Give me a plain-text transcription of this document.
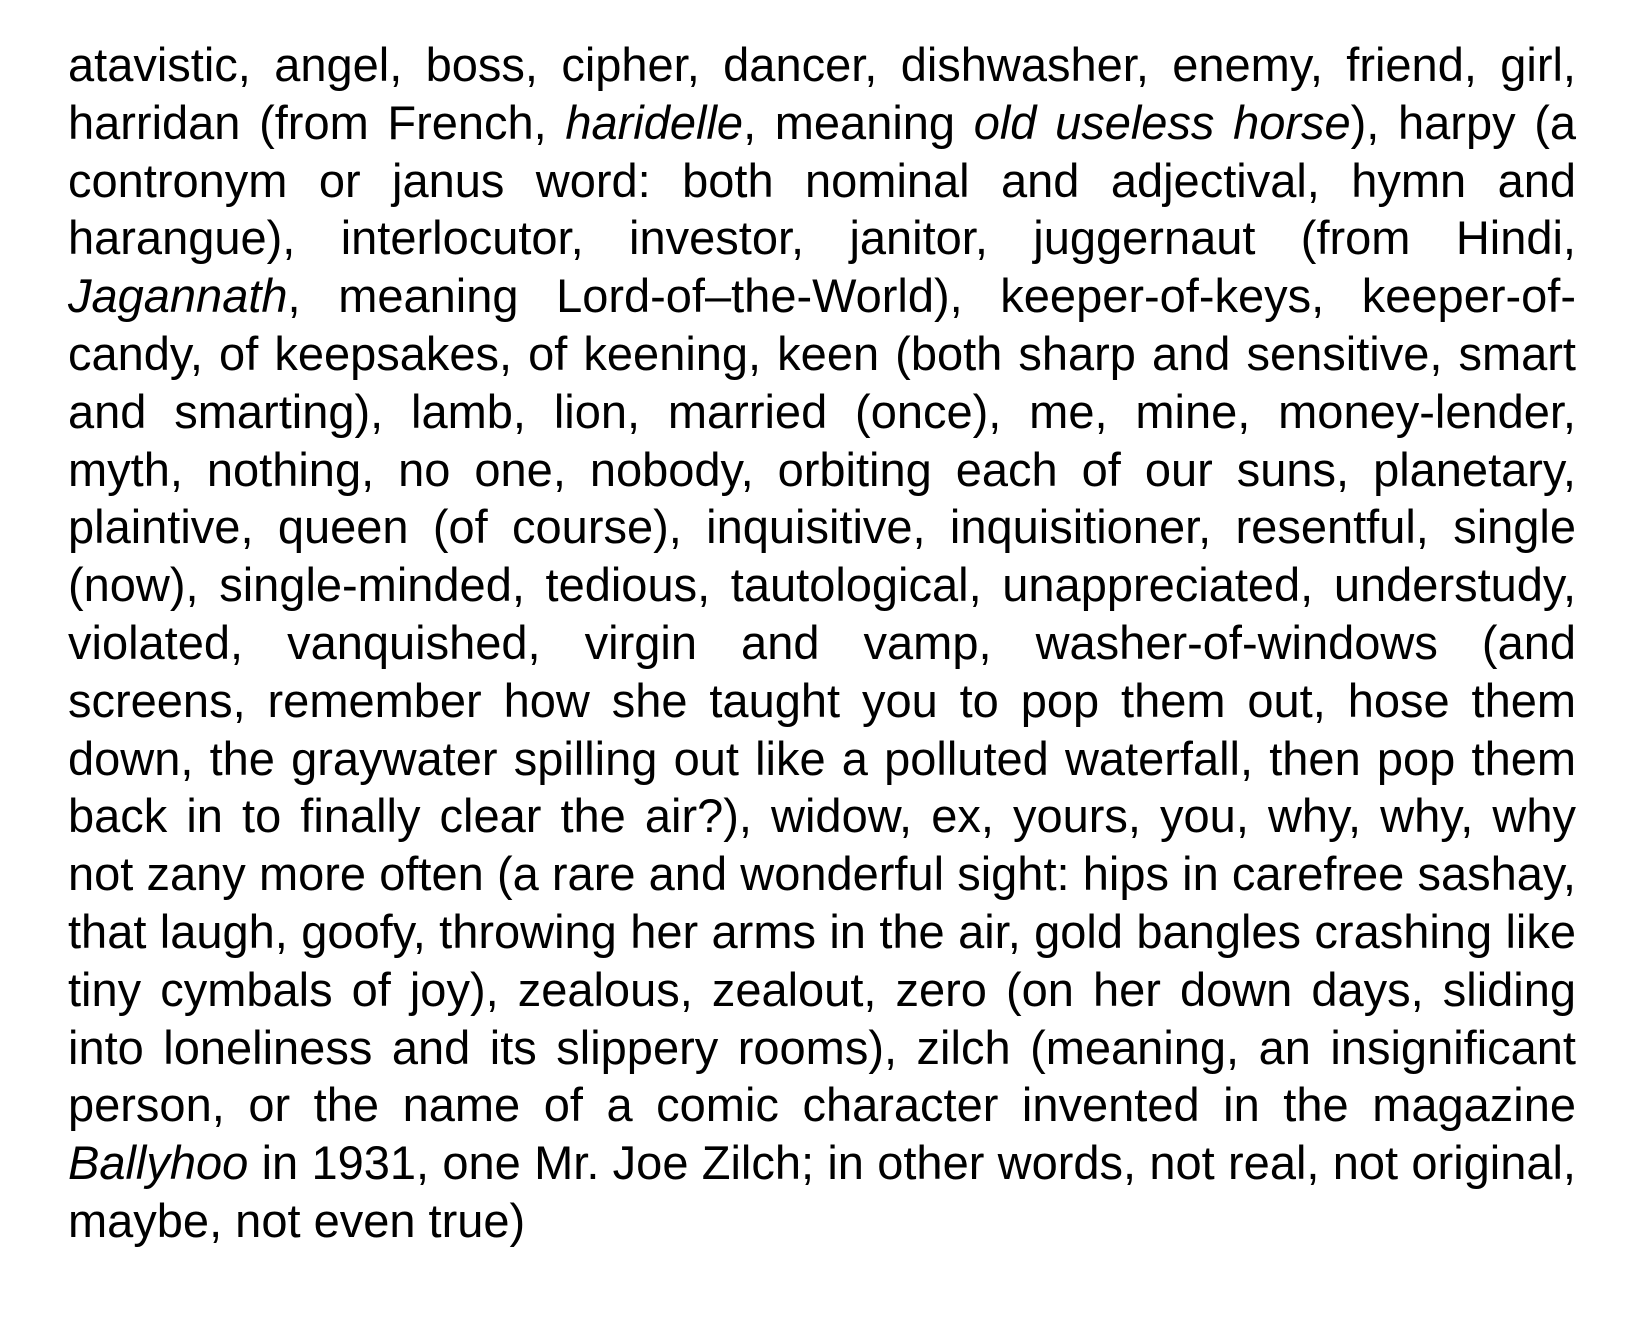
atavistic, angel, boss, cipher, dancer, dishwasher, enemy, friend, girl, harridan (from French, haridelle, meaning old useless horse), harpy (a contronym or janus word: both nominal and adjectival, hymn and harangue), interlocutor, investor, janitor, juggernaut (from Hindi, Jagannath, meaning Lord-of–the-World), keeper-of-keys, keeper-of-candy, of keepsakes, of keening, keen (both sharp and sensitive, smart and smarting), lamb, lion, married (once), me, mine, money-lender, myth, nothing, no one, nobody, orbiting each of our suns, planetary, plaintive, queen (of course), inquisitive, inquisitioner, resentful, single (now), single-minded, tedious, tautological, unappreciated, understudy, violated, vanquished, virgin and vamp, washer-of-windows (and screens, remember how she taught you to pop them out, hose them down, the graywater spilling out like a polluted waterfall, then pop them back in to finally clear the air?), widow, ex, yours, you, why, why, why not zany more often (a rare and wonderful sight: hips in carefree sashay, that laugh, goofy, throwing her arms in the air, gold bangles crashing like tiny cymbals of joy), zealous, zealout, zero (on her down days, sliding into loneliness and its slippery rooms), zilch (meaning, an insignificant person, or the name of a comic character invented in the magazine Ballyhoo in 1931, one Mr. Joe Zilch; in other words, not real, not original, maybe, not even true)
